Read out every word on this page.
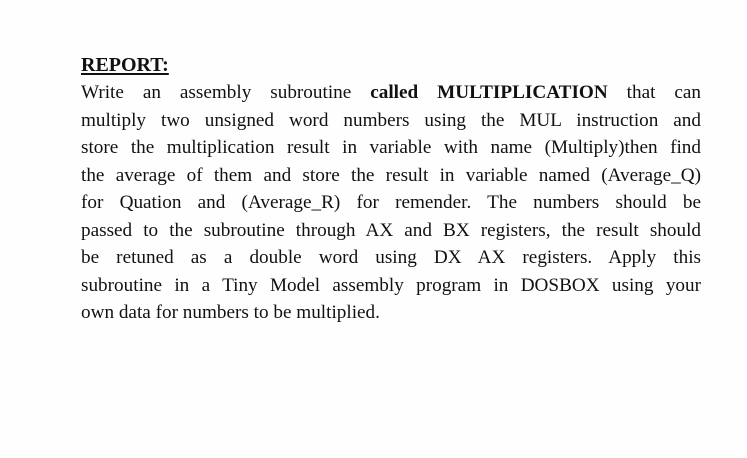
REPORT:

Write an assembly subroutine called MULTIPLICATION that can
multiply two unsigned word numbers using the MUL instruction and
store the multiplication result in variable with name (Multiply)then find
the average of them and store the result in variable named (Average_Q)
for Quation and (Average_R) for remender. The numbers should be
passed to the subroutine through AX and BX registers, the result should
be retuned as a double word using DX AX registers. Apply this
subroutine in a Tiny Model assembly program in DOSBOX using your
own data for numbers to be multiplied.
